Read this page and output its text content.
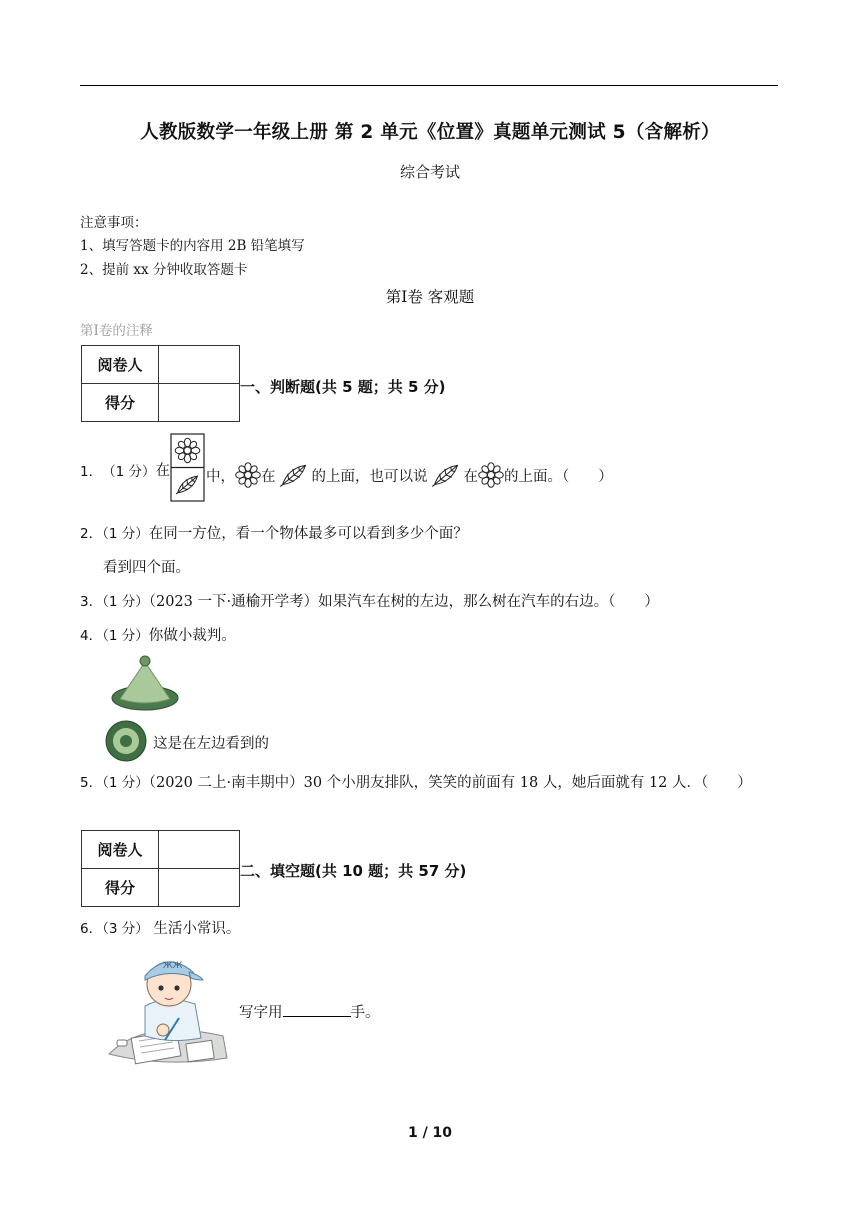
人教版数学一年级上册 第 2 单元《位置》真题单元测试 5（含解析）
综合考试
注意事项：
1、填写答题卡的内容用 2B 铅笔填写
2、提前 xx 分钟收取答题卡
第Ⅰ卷 客观题
第Ⅰ卷的注释
阅卷人	
得分	
一、判断题(共 5 题；共 5 分)
1． （1 分） 在 中， 在 的上面，也可以说 在 的上面。（　　）
2．（1 分）在同一方位，看一个物体最多可以看到多少个面？
看到四个面。
3．（1 分）（2023 一下·通榆开学考）如果汽车在树的左边，那么树在汽车的右边。（　　）
4．（1 分）你做小裁判。
这是在左边看到的
5．（1 分）（2020 二上·南丰期中）30 个小朋友排队，笑笑的前面有 18 人，她后面就有 12 人．（　　）
阅卷人	
得分	
二、填空题(共 10 题；共 57 分)
6．（3 分） 生活小常识。
ЖЖ
写字用	手。
1 / 10
